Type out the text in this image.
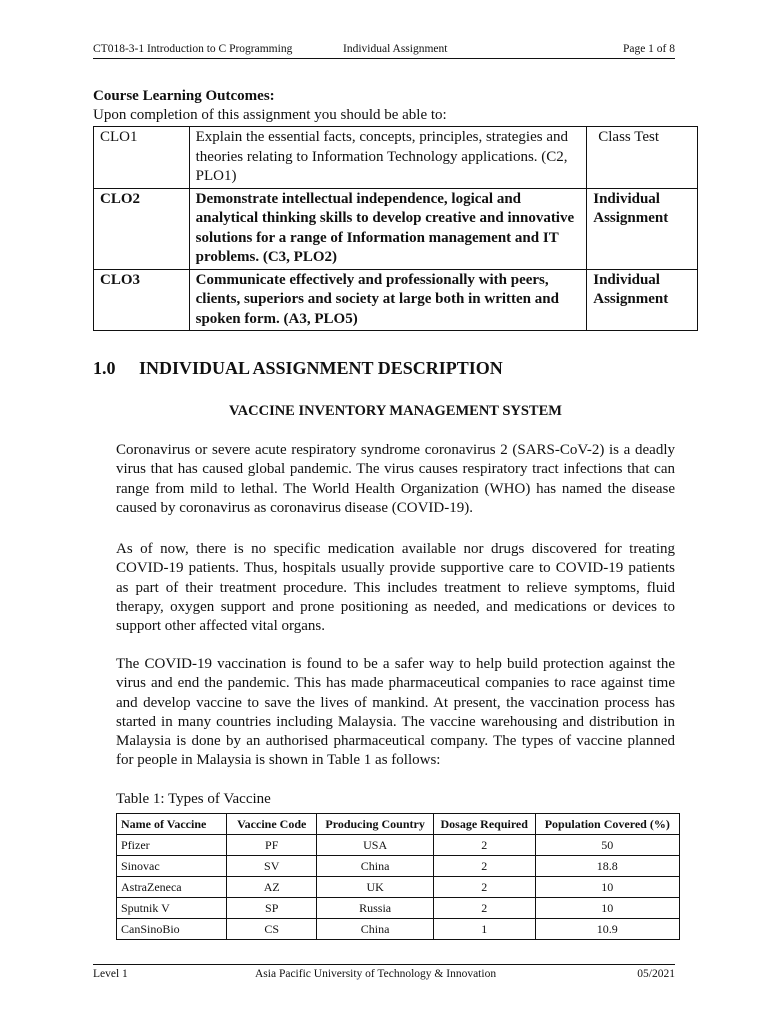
CT018-3-1 Introduction to C Programming	Individual Assignment	Page 1 of 8
Course Learning Outcomes:
Upon completion of this assignment you should be able to:
CLO1	Explain the essential facts, concepts, principles, strategies and theories relating to Information Technology applications. (C2, PLO1)	Class Test
CLO2	Demonstrate intellectual independence, logical and analytical thinking skills to develop creative and innovative solutions for a range of Information management and IT problems. (C3, PLO2)	Individual Assignment
CLO3	Communicate effectively and professionally with peers, clients, superiors and society at large both in written and spoken form. (A3, PLO5)	Individual Assignment
1.0 INDIVIDUAL ASSIGNMENT DESCRIPTION
VACCINE INVENTORY MANAGEMENT SYSTEM

Coronavirus or severe acute respiratory syndrome coronavirus 2 (SARS-CoV-2) is a deadly virus that has caused global pandemic. The virus causes respiratory tract infections that can range from mild to lethal. The World Health Organization (WHO) has named the disease caused by coronavirus as coronavirus disease (COVID-19).

As of now, there is no specific medication available nor drugs discovered for treating COVID-19 patients. Thus, hospitals usually provide supportive care to COVID-19 patients as part of their treatment procedure. This includes treatment to relieve symptoms, fluid therapy, oxygen support and prone positioning as needed, and medications or devices to support other affected vital organs.

The COVID-19 vaccination is found to be a safer way to help build protection against the virus and end the pandemic. This has made pharmaceutical companies to race against time and develop vaccine to save the lives of mankind. At present, the vaccination process has started in many countries including Malaysia. The vaccine warehousing and distribution in Malaysia is done by an authorised pharmaceutical company. The types of vaccine planned for people in Malaysia is shown in Table 1 as follows:

Table 1: Types of Vaccine
Name of Vaccine	Vaccine Code	Producing Country	Dosage Required	Population Covered (%)
Pfizer	PF	USA	2	50
Sinovac	SV	China	2	18.8
AstraZeneca	AZ	UK	2	10
Sputnik V	SP	Russia	2	10
CanSinoBio	CS	China	1	10.9
Level 1	Asia Pacific University of Technology & Innovation	05/2021
